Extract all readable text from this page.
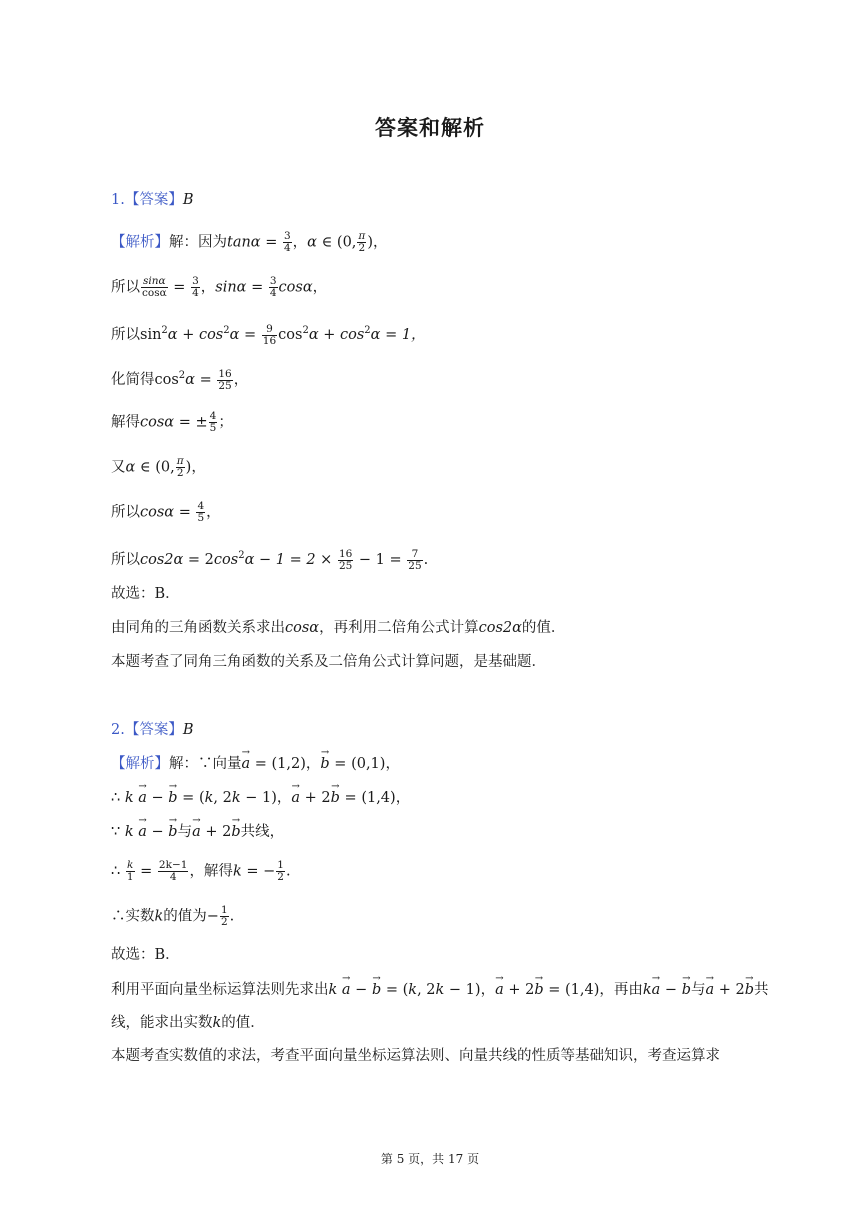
答案和解析
1.【答案】B
【解析】解：因为$\tan\alpha = \frac{3}{4}$ ，α ∈ (0, $\frac{\pi}{2}$ )，
所以 $\frac{\sin\alpha}{\cos\alpha} = \frac{3}{4}$ ，$\sin\alpha = \frac{3}{4}$ cosα，
所以$\sin^2\alpha + \cos^2\alpha = \frac{9}{16} \cos^2\alpha + \cos^2\alpha = 1$，
化简得$\cos^2\alpha = \frac{16}{25}$ ，
解得cosα = ± $\frac{4}{5}$ ；
又α ∈ (0, $\frac{\pi}{2}$ )，
所以$\cos\alpha = \frac{4}{5}$ ，
所以$\cos 2\alpha = 2\cos^2\alpha - 1 = 2 \times \frac{16}{25} - 1 = \frac{7}{25}$ .
故选：B．
由同角的三角函数关系求出cosα，再利用二倍角公式计算cos2α的值．
本题考查了同角三角函数的关系及二倍角公式计算问题，是基础题．
2.【答案】B
【解析】解：∵向量→ a = (1,2)，→ b = (0,1)，
∴ k → a − → b = (k, 2k − 1)，→ a + 2→ b = (1,4)，
∵ k → a − → b与→ a + 2→ b共线，
∴ $\frac{k}{1} = \frac{2k-1}{4}$ ，解得k = − $\frac{1}{2}$ .
∴实数k的值为− $\frac{1}{2}$ .
故选：B．
利用平面向量坐标运算法则先求出k → a − → b = (k, 2k − 1)，→ a + 2→ b = (1,4)，再由k→ a − → b与→ a + 2→ b共
线，能求出实数k的值．
本题考查实数值的求法，考查平面向量坐标运算法则、向量共线的性质等基础知识，考查运算求
第 5 页，共 17 页
